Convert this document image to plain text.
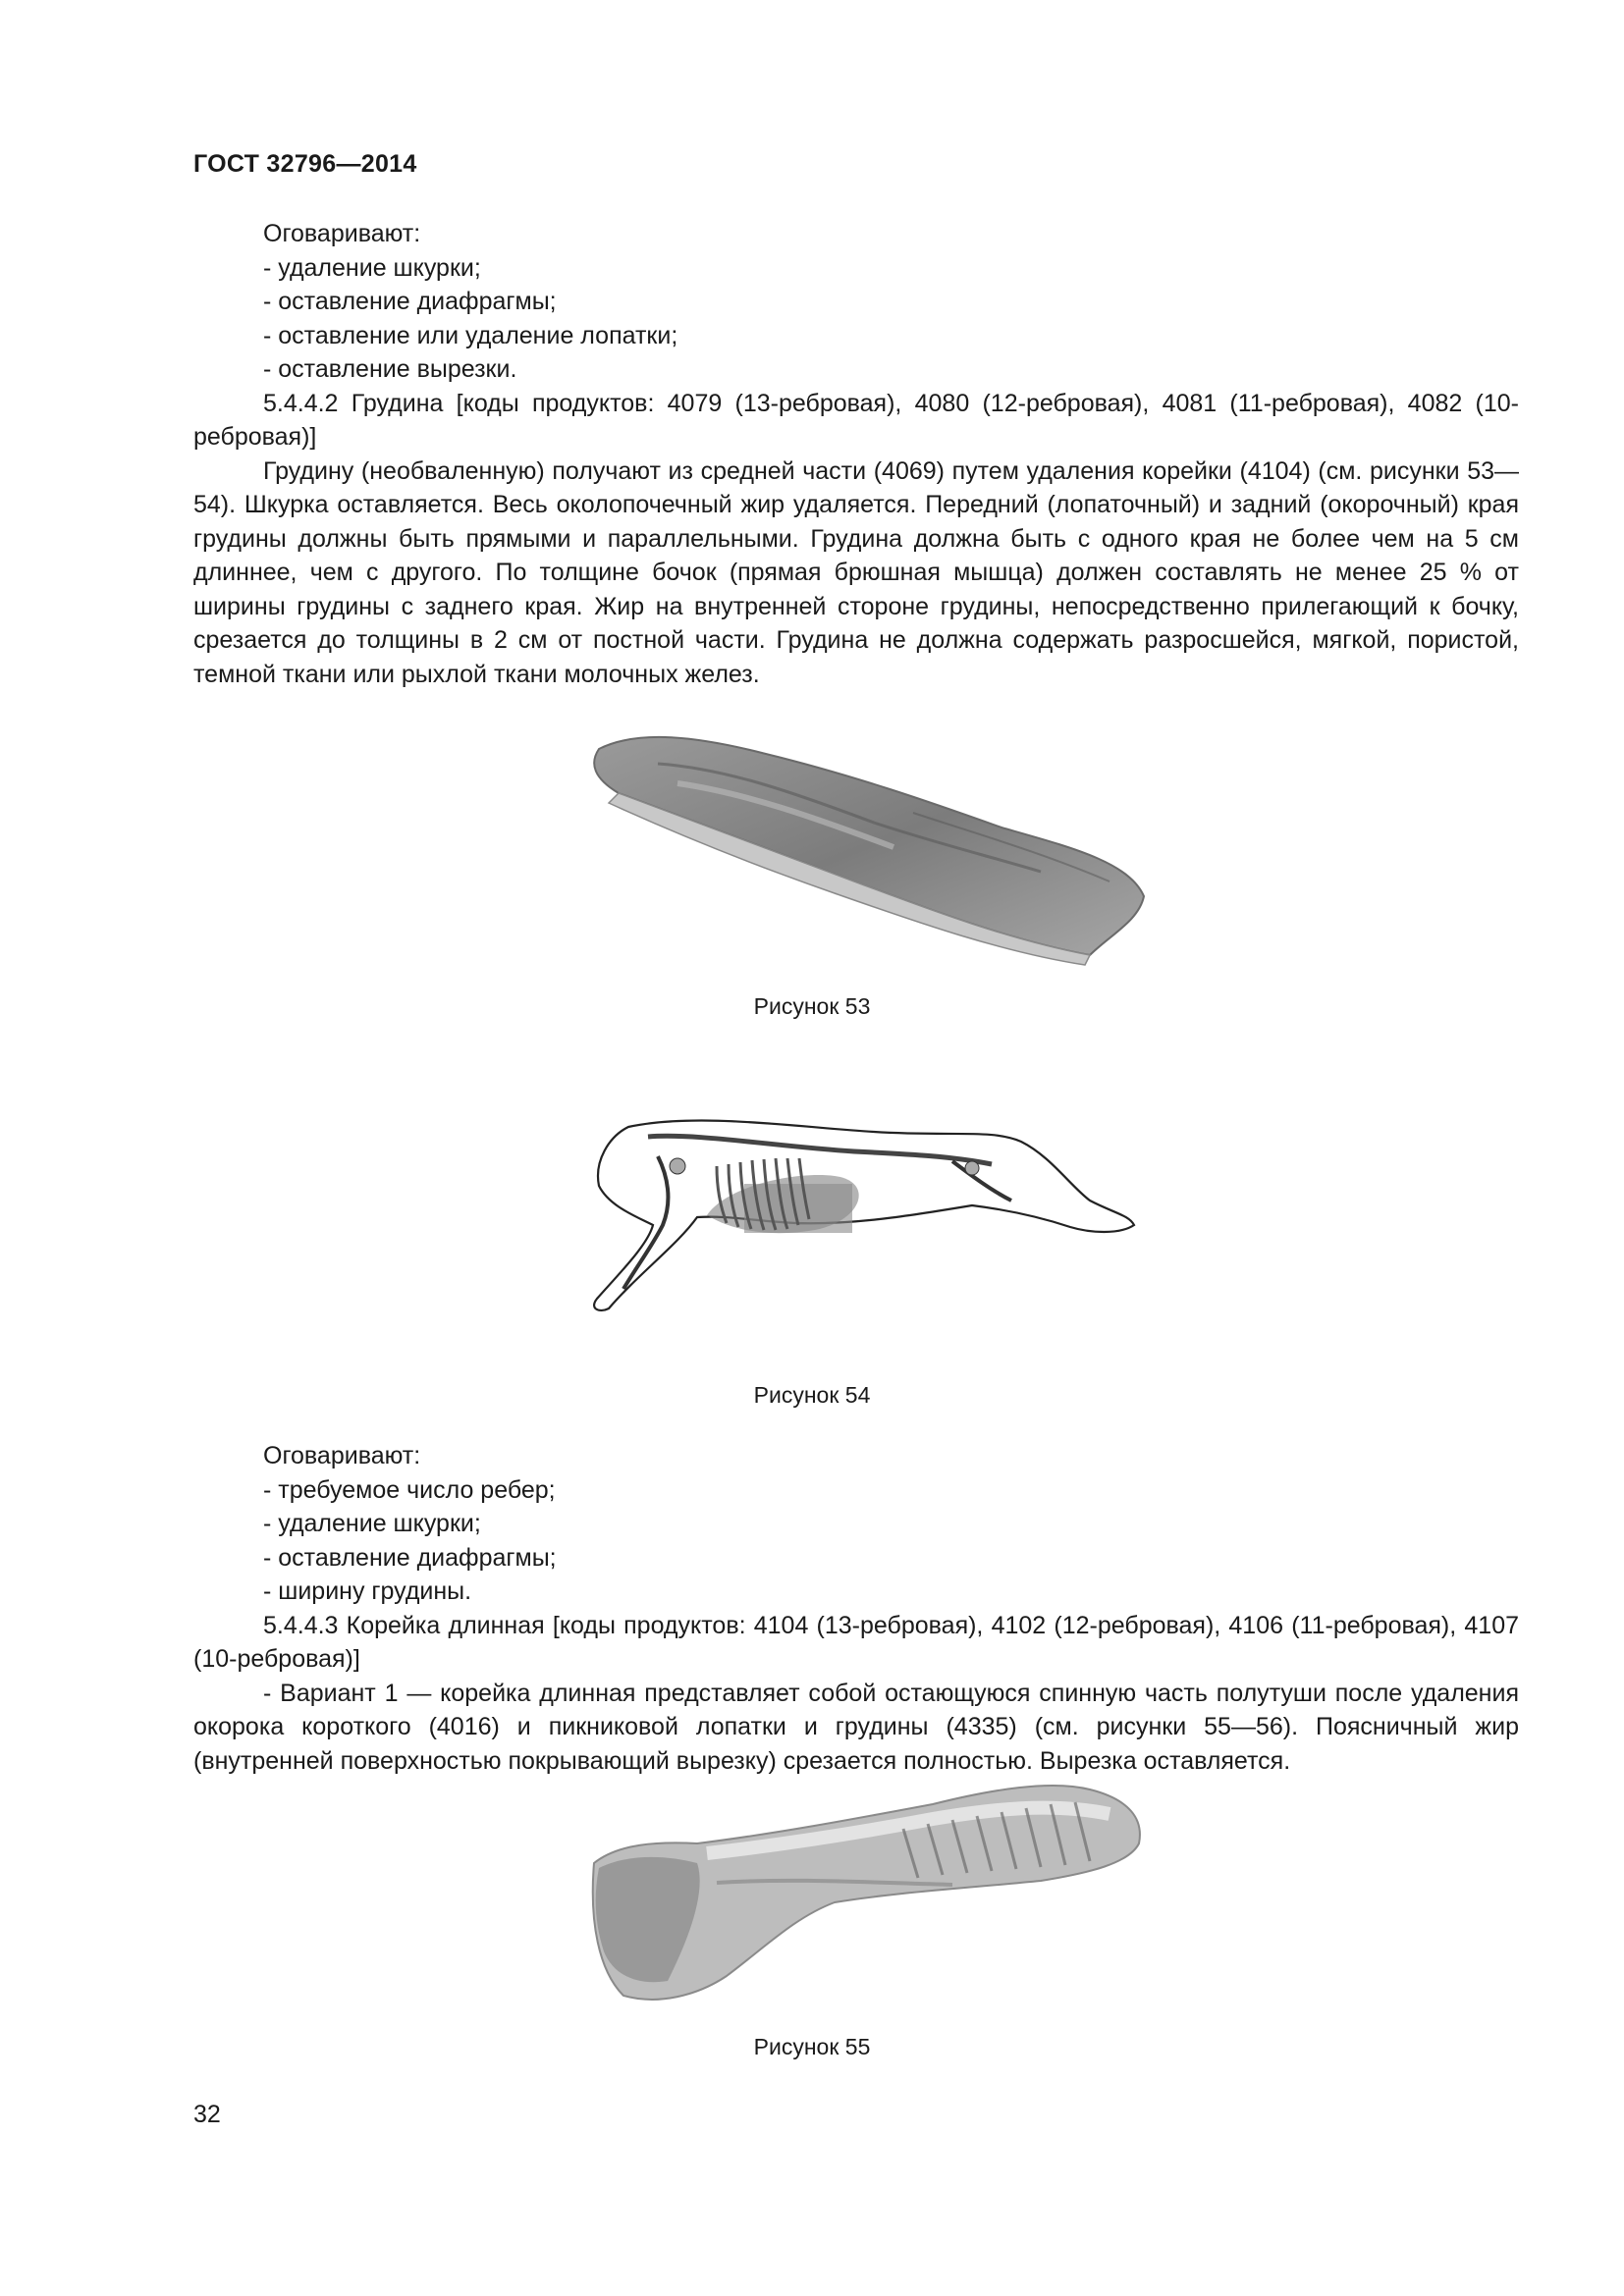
ГОСТ 32796—2014

Оговаривают:

- удаление шкурки;

- оставление диафрагмы;

- оставление или удаление лопатки;

- оставление вырезки.

5.4.4.2 Грудина [коды продуктов: 4079 (13-ребровая), 4080 (12-ребровая), 4081 (11-ребровая), 4082 (10-ребровая)]

Грудину (необваленную) получают из средней части (4069) путем удаления корейки (4104) (см. рисунки 53—54). Шкурка оставляется. Весь околопочечный жир удаляется. Передний (лопаточный) и задний (окорочный) края грудины должны быть прямыми и параллельными. Грудина должна быть с одного края не более чем на 5 см длиннее, чем с другого. По толщине бочок (прямая брюшная мышца) должен составлять не менее 25 % от ширины грудины с заднего края. Жир на внутренней стороне грудины, непосредственно прилегающий к бочку, срезается до толщины в 2 см от постной части. Грудина не должна содержать разросшейся, мягкой, пористой, темной ткани или рыхлой ткани молочных желез.

Рисунок 53
Рисунок 54

Оговаривают:

- требуемое число ребер;

- удаление шкурки;

- оставление диафрагмы;

- ширину грудины.

5.4.4.3 Корейка длинная [коды продуктов: 4104 (13-ребровая), 4102 (12-ребровая), 4106 (11-ребровая), 4107 (10-ребровая)]

- Вариант 1 — корейка длинная представляет собой остающуюся спинную часть полутуши после удаления окорока короткого (4016) и пикниковой лопатки и грудины (4335) (см. рисунки 55—56). Поясничный жир (внутренней поверхностью покрывающий вырезку) срезается полностью. Вырезка оставляется.

Рисунок 55
32
